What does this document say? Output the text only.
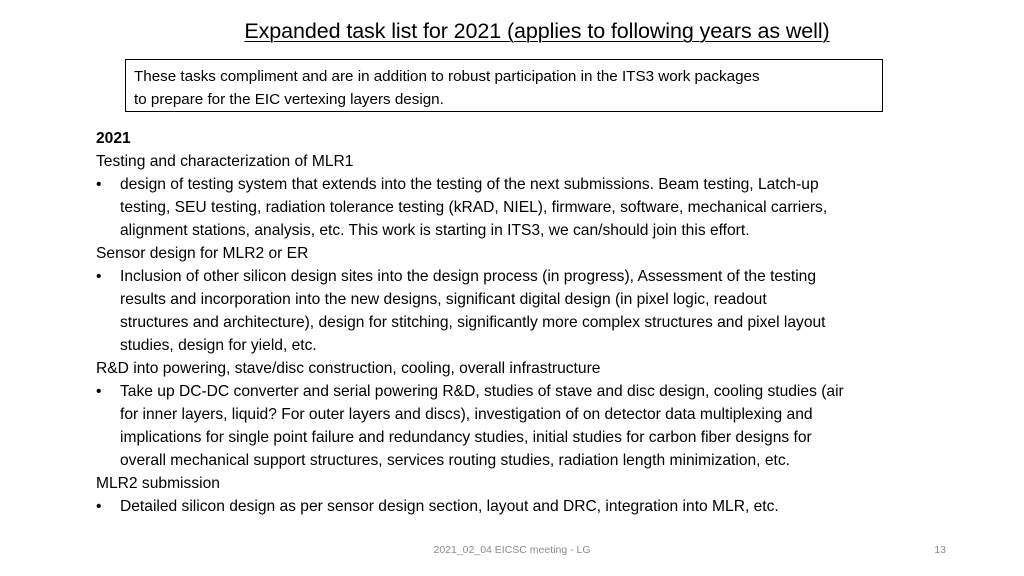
Expanded task list for 2021 (applies to following years as well)
These tasks compliment and are in addition to robust participation in the ITS3 work packages
to prepare for the EIC vertexing layers design.
2021
Testing and characterization of MLR1
•	design of testing system that extends into the testing of the next submissions. Beam testing, Latch-up
testing, SEU testing, radiation tolerance testing (kRAD, NIEL), firmware, software, mechanical carriers,
alignment stations, analysis, etc. This work is starting in ITS3, we can/should join this effort.
Sensor design for MLR2 or ER
•	Inclusion of other silicon design sites into the design process (in progress), Assessment of the testing
results and incorporation into the new designs, significant digital design (in pixel logic, readout
structures and architecture), design for stitching, significantly more complex structures and pixel layout
studies, design for yield, etc.
R&D into powering, stave/disc construction, cooling, overall infrastructure
•	Take up DC-DC converter and serial powering R&D, studies of stave and disc design, cooling studies (air
for inner layers, liquid? For outer layers and discs), investigation of on detector data multiplexing and
implications for single point failure and redundancy studies, initial studies for carbon fiber designs for
overall mechanical support structures, services routing studies, radiation length minimization, etc.
MLR2 submission
•	Detailed silicon design as per sensor design section, layout and DRC, integration into MLR, etc.
2021_02_04 EICSC meeting - LG	13
